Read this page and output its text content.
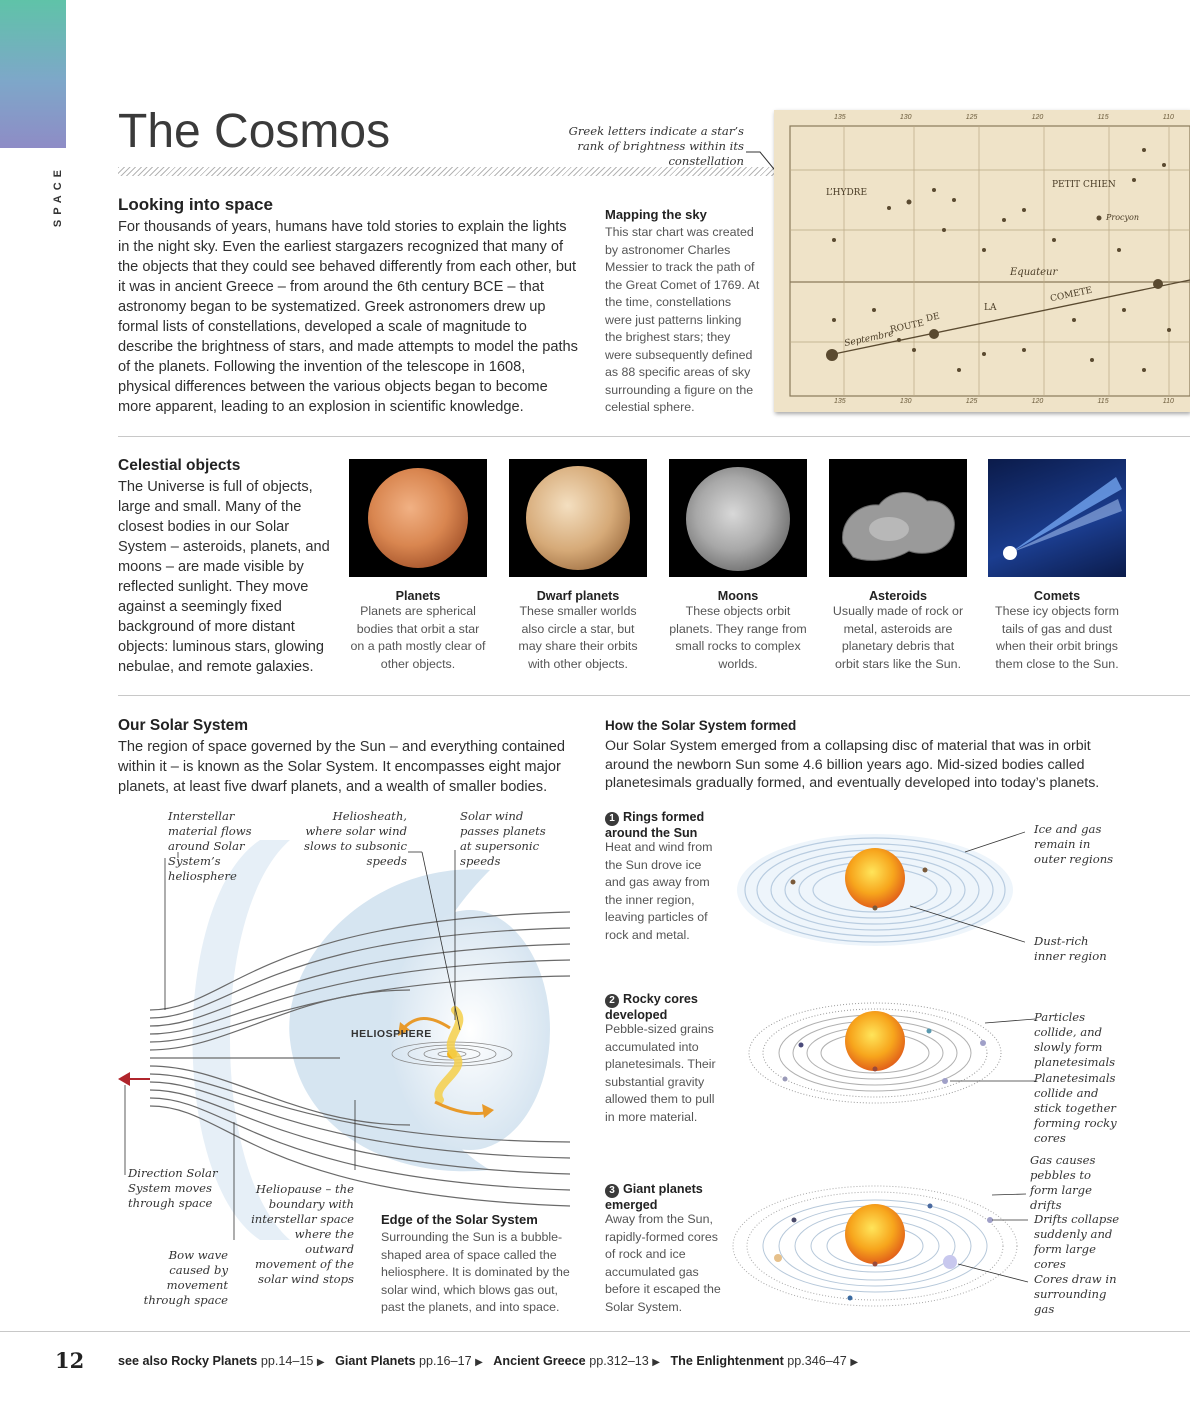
SPACE
The Cosmos	Greek letters indicate a star’s rank of brightness within its constellation
L’HYDRE
PETIT CHIEN
Procyon
Equateur
COMETE
LA
DE
ROUTE
Septembre
135	130	125	120	115	110
135	130	125	120	115	110
Looking into space
For thousands of years, humans have told stories to explain the lights in the night sky. Even the earliest stargazers recognized that many of the objects that they could see behaved differently from each other, but it was in ancient Greece – from around the 6th century BCE – that astronomy began to be systematized. Greek astronomers drew up formal lists of constellations, developed a scale of magnitude to describe the brightness of stars, and made attempts to model the paths of the planets. Following the invention of the telescope in 1608, physical differences between the various objects began to become more apparent, leading to an explosion in scientific knowledge.
Mapping the sky
This star chart was created by astronomer Charles Messier to track the path of the Great Comet of 1769. At the time, constellations were just patterns linking the brighest stars; they were subsequently defined as 88 specific areas of sky surrounding a figure on the celestial sphere.
Celestial objects
The Universe is full of objects, large and small. Many of the closest bodies in our Solar System – asteroids, planets, and moons – are made visible by reflected sunlight. They move against a seemingly fixed background of more distant objects: luminous stars, glowing nebulae, and remote galaxies.
Planets
Planets are spherical bodies that orbit a star on a path mostly clear of other objects.
Dwarf planets
These smaller worlds also circle a star, but may share their orbits with other objects.
Moons
These objects orbit planets. They range from small rocks to complex worlds.
Asteroids
Usually made of rock or metal, asteroids are planetary debris that orbit stars like the Sun.
Comets
These icy objects form tails of gas and dust when their orbit brings them close to the Sun.
Our Solar System
The region of space governed by the Sun – and everything contained within it – is known as the Solar System. It encompasses eight major planets, at least five dwarf planets, and a wealth of smaller bodies.
HELIOSPHERE
Interstellar material flows around Solar System’s heliosphere
Heliosheath, where solar wind slows to subsonic speeds
Solar wind passes planets at supersonic speeds
Direction Solar System moves through space
Heliopause – the boundary with interstellar space where the outward movement of the solar wind stops
Bow wave caused by movement through space
Edge of the Solar System
Surrounding the Sun is a bubble-shaped area of space called the heliosphere. It is dominated by the solar wind, which blows gas out, past the planets, and into space.
How the Solar System formed
Our Solar System emerged from a collapsing disc of material that was in orbit around the newborn Sun some 4.6 billion years ago. Mid-sized bodies called planetesimals gradually formed, and eventually developed into today’s planets.
1 Rings formed around the Sun
Heat and wind from the Sun drove ice and gas away from the inner region, leaving particles of rock and metal.
Ice and gas remain in outer regions
Dust-rich inner region
2 Rocky cores developed
Pebble-sized grains accumulated into planetesimals. Their substantial gravity allowed them to pull in more material.
Particles collide, and slowly form planetesimals
Planetesimals collide and stick together forming rocky cores
3 Giant planets emerged
Away from the Sun, rapidly-formed cores of rock and ice accumulated gas before it escaped the Solar System.
Gas causes pebbles to form large drifts
Drifts collapse suddenly and form large cores
Cores draw in surrounding gas
12	see also Rocky Planets pp.14–15 ▶ Giant Planets pp.16–17 ▶ Ancient Greece pp.312–13 ▶ The Enlightenment pp.346–47 ▶
